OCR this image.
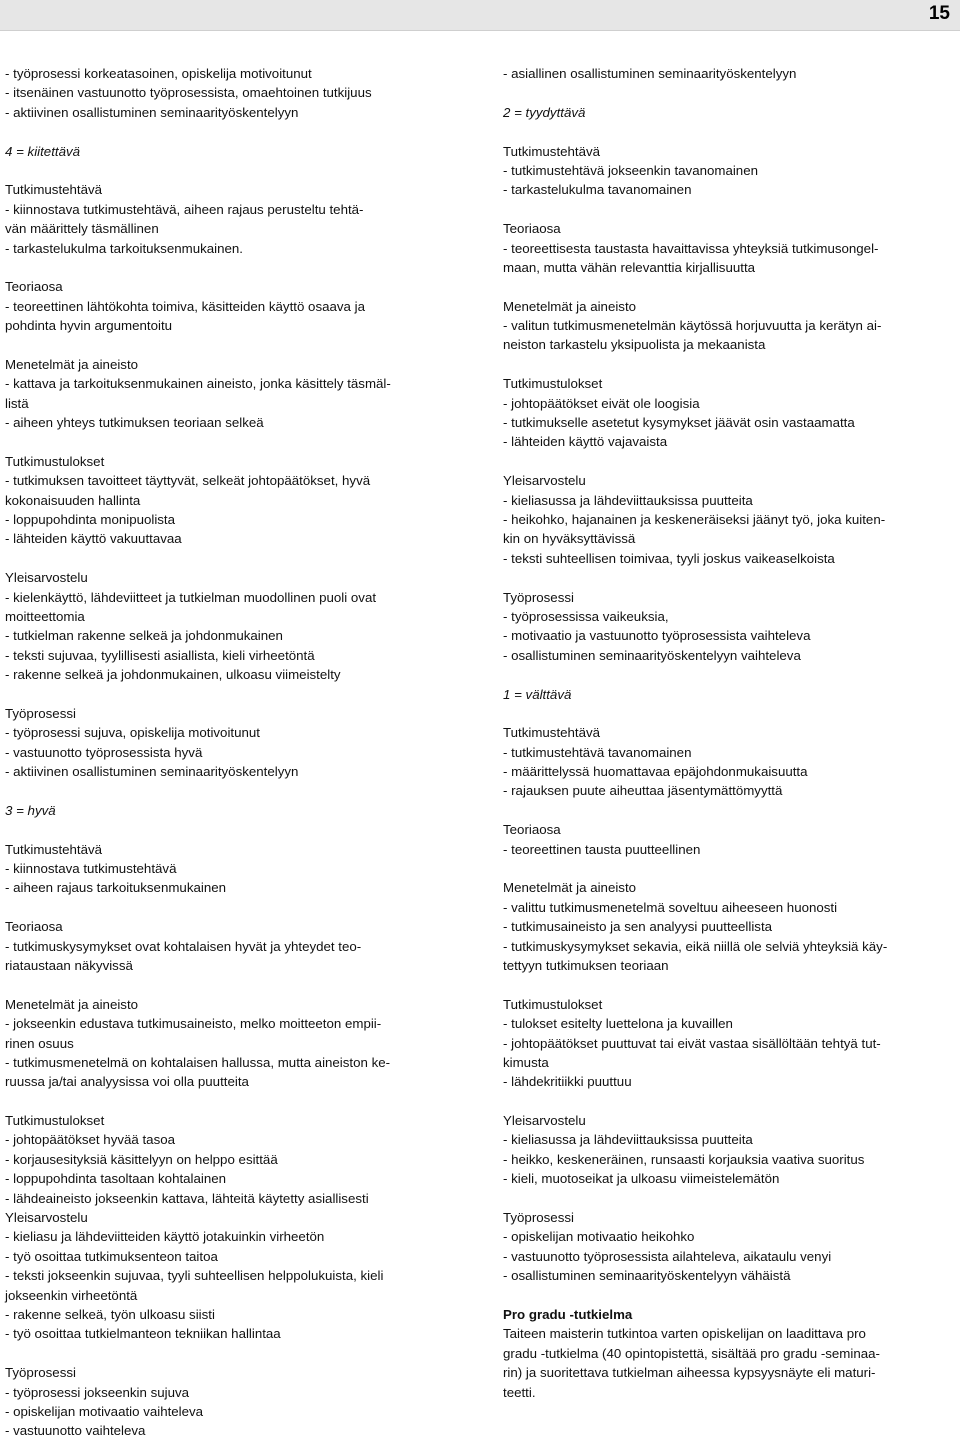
15
- työprosessi korkeatasoinen, opiskelija motivoitunut
- itsenäinen vastuunotto työprosessista, omaehtoinen tutkijuus
- aktiivinen osallistuminen seminaarityöskentelyyn
4 = kiitettävä
Tutkimustehtävä
- kiinnostava tutkimustehtävä, aiheen rajaus perusteltu tehtä-
vän määrittely täsmällinen
- tarkastelukulma tarkoituksenmukainen.
Teoriaosa
- teoreettinen lähtökohta toimiva, käsitteiden käyttö osaava ja
pohdinta hyvin argumentoitu
Menetelmät ja aineisto
- kattava ja tarkoituksenmukainen aineisto, jonka käsittely täsmäl-
listä
- aiheen yhteys tutkimuksen teoriaan selkeä
Tutkimustulokset
- tutkimuksen tavoitteet täyttyvät, selkeät johtopäätökset, hyvä
kokonaisuuden hallinta
- loppupohdinta monipuolista
- lähteiden käyttö vakuuttavaa
Yleisarvostelu
- kielenkäyttö, lähdeviitteet ja tutkielman muodollinen puoli ovat
moitteettomia
- tutkielman rakenne selkeä ja johdonmukainen
- teksti sujuvaa, tyylillisesti asiallista, kieli virheetöntä
- rakenne selkeä ja johdonmukainen, ulkoasu viimeistelty
Työprosessi
- työprosessi sujuva, opiskelija motivoitunut
- vastuunotto työprosessista hyvä
- aktiivinen osallistuminen seminaarityöskentelyyn
3 = hyvä
Tutkimustehtävä
- kiinnostava tutkimustehtävä
- aiheen rajaus tarkoituksenmukainen
Teoriaosa
- tutkimuskysymykset ovat kohtalaisen hyvät ja yhteydet teo-
riataustaan näkyvissä
Menetelmät ja aineisto
- jokseenkin edustava tutkimusaineisto, melko moitteeton empii-
rinen osuus
- tutkimusmenetelmä on kohtalaisen hallussa, mutta aineiston ke-
ruussa ja/tai analyysissa voi olla puutteita
Tutkimustulokset
- johtopäätökset hyvää tasoa
- korjausesityksiä käsittelyyn on helppo esittää
- loppupohdinta tasoltaan kohtalainen
- lähdeaineisto jokseenkin kattava, lähteitä käytetty asiallisesti
Yleisarvostelu
- kieliasu ja lähdeviitteiden käyttö jotakuinkin virheetön
- työ osoittaa tutkimuksenteon taitoa
- teksti jokseenkin sujuvaa, tyyli suhteellisen helppolukuista, kieli
jokseenkin virheetöntä
- rakenne selkeä, työn ulkoasu siisti
- työ osoittaa tutkielmanteon tekniikan hallintaa
Työprosessi
- työprosessi jokseenkin sujuva
- opiskelijan motivaatio vaihteleva
- vastuunotto vaihteleva
- asiallinen osallistuminen seminaarityöskentelyyn
2 = tyydyttävä
Tutkimustehtävä
- tutkimustehtävä jokseenkin tavanomainen
- tarkastelukulma tavanomainen
Teoriaosa
- teoreettisesta taustasta havaittavissa yhteyksiä tutkimusongel-
maan, mutta vähän relevanttia kirjallisuutta
Menetelmät ja aineisto
- valitun tutkimusmenetelmän käytössä horjuvuutta ja kerätyn ai-
neiston tarkastelu yksipuolista ja mekaanista
Tutkimustulokset
- johtopäätökset eivät ole loogisia
- tutkimukselle asetetut kysymykset jäävät osin vastaamatta
- lähteiden käyttö vajavaista
Yleisarvostelu
- kieliasussa ja lähdeviittauksissa puutteita
- heikohko, hajanainen ja keskeneräiseksi jäänyt työ, joka kuiten-
kin on hyväksyttävissä
- teksti suhteellisen toimivaa, tyyli joskus vaikeaselkoista
Työprosessi
- työprosessissa vaikeuksia,
- motivaatio ja vastuunotto työprosessista vaihteleva
- osallistuminen seminaarityöskentelyyn vaihteleva
1 = välttävä
Tutkimustehtävä
- tutkimustehtävä tavanomainen
- määrittelyssä huomattavaa epäjohdonmukaisuutta
- rajauksen puute aiheuttaa jäsentymättömyyttä
Teoriaosa
- teoreettinen tausta puutteellinen
Menetelmät ja aineisto
- valittu tutkimusmenetelmä soveltuu aiheeseen huonosti
- tutkimusaineisto ja sen analyysi puutteellista
- tutkimuskysymykset sekavia, eikä niillä ole selviä yhteyksiä käy-
tettyyn tutkimuksen teoriaan
Tutkimustulokset
- tulokset esitelty luettelona ja kuvaillen
- johtopäätökset puuttuvat tai eivät vastaa sisällöltään tehtyä tut-
kimusta
- lähdekritiikki puuttuu
Yleisarvostelu
- kieliasussa ja lähdeviittauksissa puutteita
- heikko, keskeneräinen, runsaasti korjauksia vaativa suoritus
- kieli, muotoseikat ja ulkoasu viimeistelemätön
Työprosessi
- opiskelijan motivaatio heikohko
- vastuunotto työprosessista ailahteleva, aikataulu venyi
- osallistuminen seminaarityöskentelyyn vähäistä
Pro gradu -tutkielma
Taiteen maisterin tutkintoa varten opiskelijan on laadittava pro
gradu -tutkielma (40 opintopistettä, sisältää pro gradu -seminaa-
rin) ja suoritettava tutkielman aiheessa kypsyysnäyte eli maturi-
teetti.
